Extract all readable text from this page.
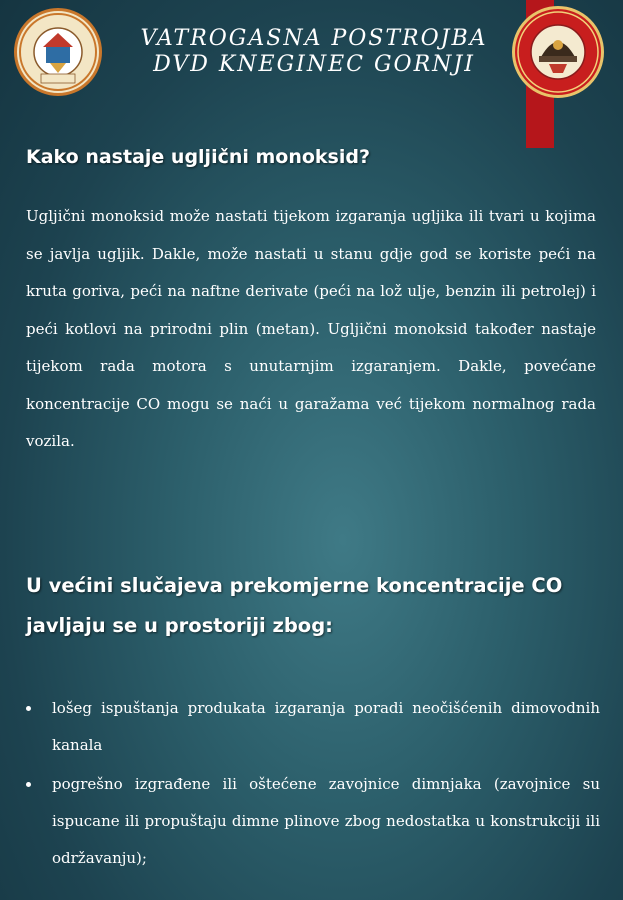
VATROGASNA POSTROJBA
DVD KNEGINEC GORNJI
Kako nastaje ugljični monoksid?
Ugljični monoksid može nastati tijekom izgaranja ugljika ili tvari u kojima se javlja ugljik. Dakle, može nastati u stanu gdje god se koriste peći na kruta goriva, peći na naftne derivate (peći na lož ulje, benzin ili petrolej) i peći kotlovi na prirodni plin (metan). Ugljični monoksid također nastaje tijekom rada motora s unutarnjim izgaranjem. Dakle, povećane koncentracije CO mogu se naći u garažama već tijekom normalnog rada vozila.
U većini slučajeva prekomjerne koncentracije CO javljaju se u prostoriji zbog:
lošeg ispuštanja produkata izgaranja poradi neočišćenih dimovodnih kanala
pogrešno izgrađene ili oštećene zavojnice dimnjaka (zavojnice su ispucane ili propuštaju dimne plinove zbog nedostatka u konstrukciji ili održavanju);
